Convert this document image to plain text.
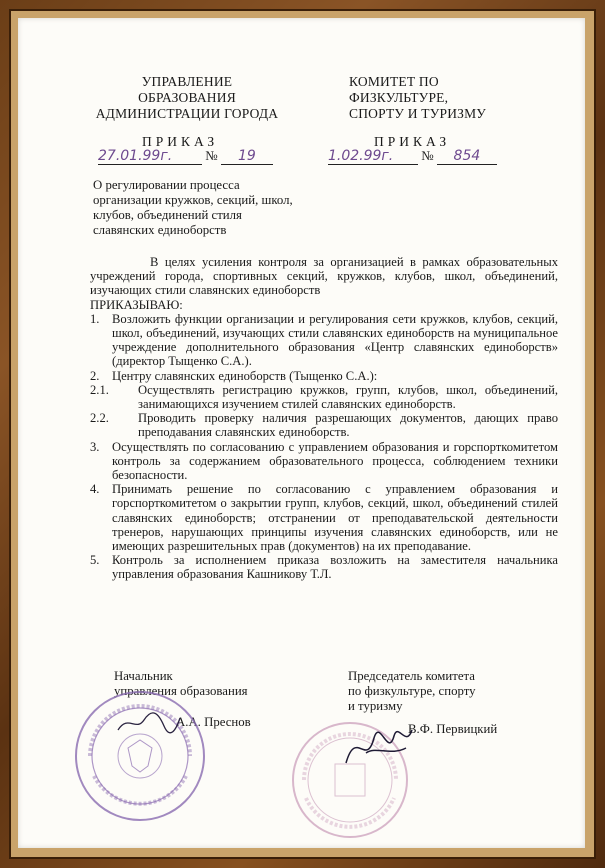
УПРАВЛЕНИЕ ОБРАЗОВАНИЯ
АДМИНИСТРАЦИИ ГОРОДА
КОМИТЕТ ПО
ФИЗКУЛЬТУРЕ,
СПОРТУ И ТУРИЗМУ
ПРИКАЗ	ПРИКАЗ
27.01.99г.	№ 19	1.02.99г. № 854
О регулировании процесса организации кружков, секций, школ, клубов, объединений стиля славянских единоборств

В целях усиления контроля за организацией в рамках образовательных учреждений города, спортивных секций, кружков, клубов, школ, объединений, изучающих стили славянских единоборств

ПРИКАЗЫВАЮ:

1. Возложить функции организации и регулирования сети кружков, клубов, секций, школ, объединений, изучающих стили славянских единоборств на муниципальное учреждение дополнительного образования «Центр славянских единоборств» (директор Тыщенко С.А.).
2. Центру славянских единоборств (Тыщенко С.А.):
2.1.	Осуществлять регистрацию кружков, групп, клубов, школ, объединений, занимающихся изучением стилей славянских единоборств.
2.2.	Проводить проверку наличия разрешающих документов, дающих право преподавания славянских единоборств.
3. Осуществлять по согласованию с управлением образования и горспорткомитетом контроль за содержанием образовательного процесса, соблюдением техники безопасности.
4. Принимать решение по согласованию с управлением образования и горспорткомитетом о закрытии групп, клубов, секций, школ, объединений стилей славянских единоборств; отстранении от преподавательской деятельности тренеров, нарушающих принципы изучения славянских единоборств, или не имеющих разрешительных прав (документов) на их преподавание.
5. Контроль за исполнением приказа возложить на заместителя начальника управления образования Кашникову Т.Л.
Начальник
управления образования
А.А. Преснов
Председатель комитета
по физкультуре, спорту
и туризму
В.Ф. Первицкий
